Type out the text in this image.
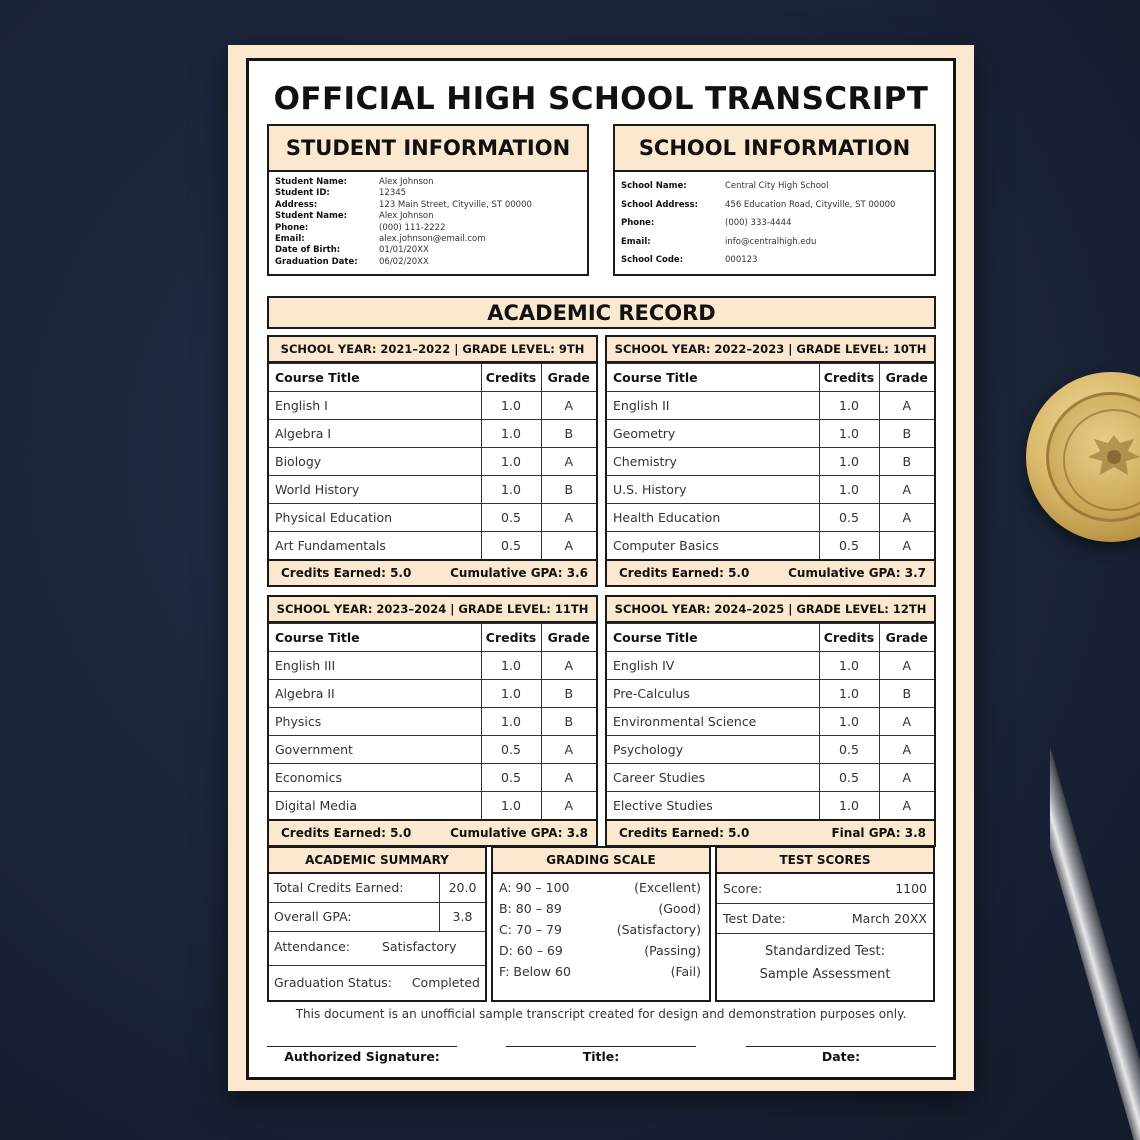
OFFICIAL HIGH SCHOOL TRANSCRIPT
STUDENT INFORMATION
Student Name:	Alex Johnson
Student ID:	12345
Address:	123 Main Street, Cityville, ST 00000
Student Name:	Alex Johnson
Phone:	(000) 111-2222
Email:	alex.johnson@email.com
Date of Birth:	01/01/20XX
Graduation Date:	06/02/20XX
SCHOOL INFORMATION
School Name:	Central City High School
School Address:	456 Education Road, Cityville, ST 00000
Phone:	(000) 333-4444
Email:	info@centralhigh.edu
School Code:	000123
ACADEMIC RECORD
SCHOOL YEAR: 2021–2022 | GRADE LEVEL: 9TH
Course Title	Credits	Grade
English I	1.0	A
Algebra I	1.0	B
Biology	1.0	A
World History	1.0	B
Physical Education	0.5	A
Art Fundamentals	0.5	A
Credits Earned: 5.0	Cumulative GPA: 3.6
SCHOOL YEAR: 2022–2023 | GRADE LEVEL: 10TH
Course Title	Credits	Grade
English II	1.0	A
Geometry	1.0	B
Chemistry	1.0	B
U.S. History	1.0	A
Health Education	0.5	A
Computer Basics	0.5	A
Credits Earned: 5.0	Cumulative GPA: 3.7
SCHOOL YEAR: 2023–2024 | GRADE LEVEL: 11TH
Course Title	Credits	Grade
English III	1.0	A
Algebra II	1.0	B
Physics	1.0	B
Government	0.5	A
Economics	0.5	A
Digital Media	1.0	A
Credits Earned: 5.0	Cumulative GPA: 3.8
SCHOOL YEAR: 2024–2025 | GRADE LEVEL: 12TH
Course Title	Credits	Grade
English IV	1.0	A
Pre-Calculus	1.0	B
Environmental Science	1.0	A
Psychology	0.5	A
Career Studies	0.5	A
Elective Studies	1.0	A
Credits Earned: 5.0	Final GPA: 3.8
ACADEMIC SUMMARY
Total Credits Earned:	20.0
Overall GPA:	3.8
Attendance:	Satisfactory
Graduation Status: Completed
GRADING SCALE
A: 90 – 100	(Excellent)
B: 80 – 89	(Good)
C: 70 – 79	(Satisfactory)
D: 60 – 69	(Passing)
F: Below 60	(Fail)
TEST SCORES
Score:	1100
Test Date:	March 20XX
Standardized Test:
Sample Assessment
This document is an unofficial sample transcript created for design and demonstration purposes only.
Authorized Signature:	Title:	Date:
